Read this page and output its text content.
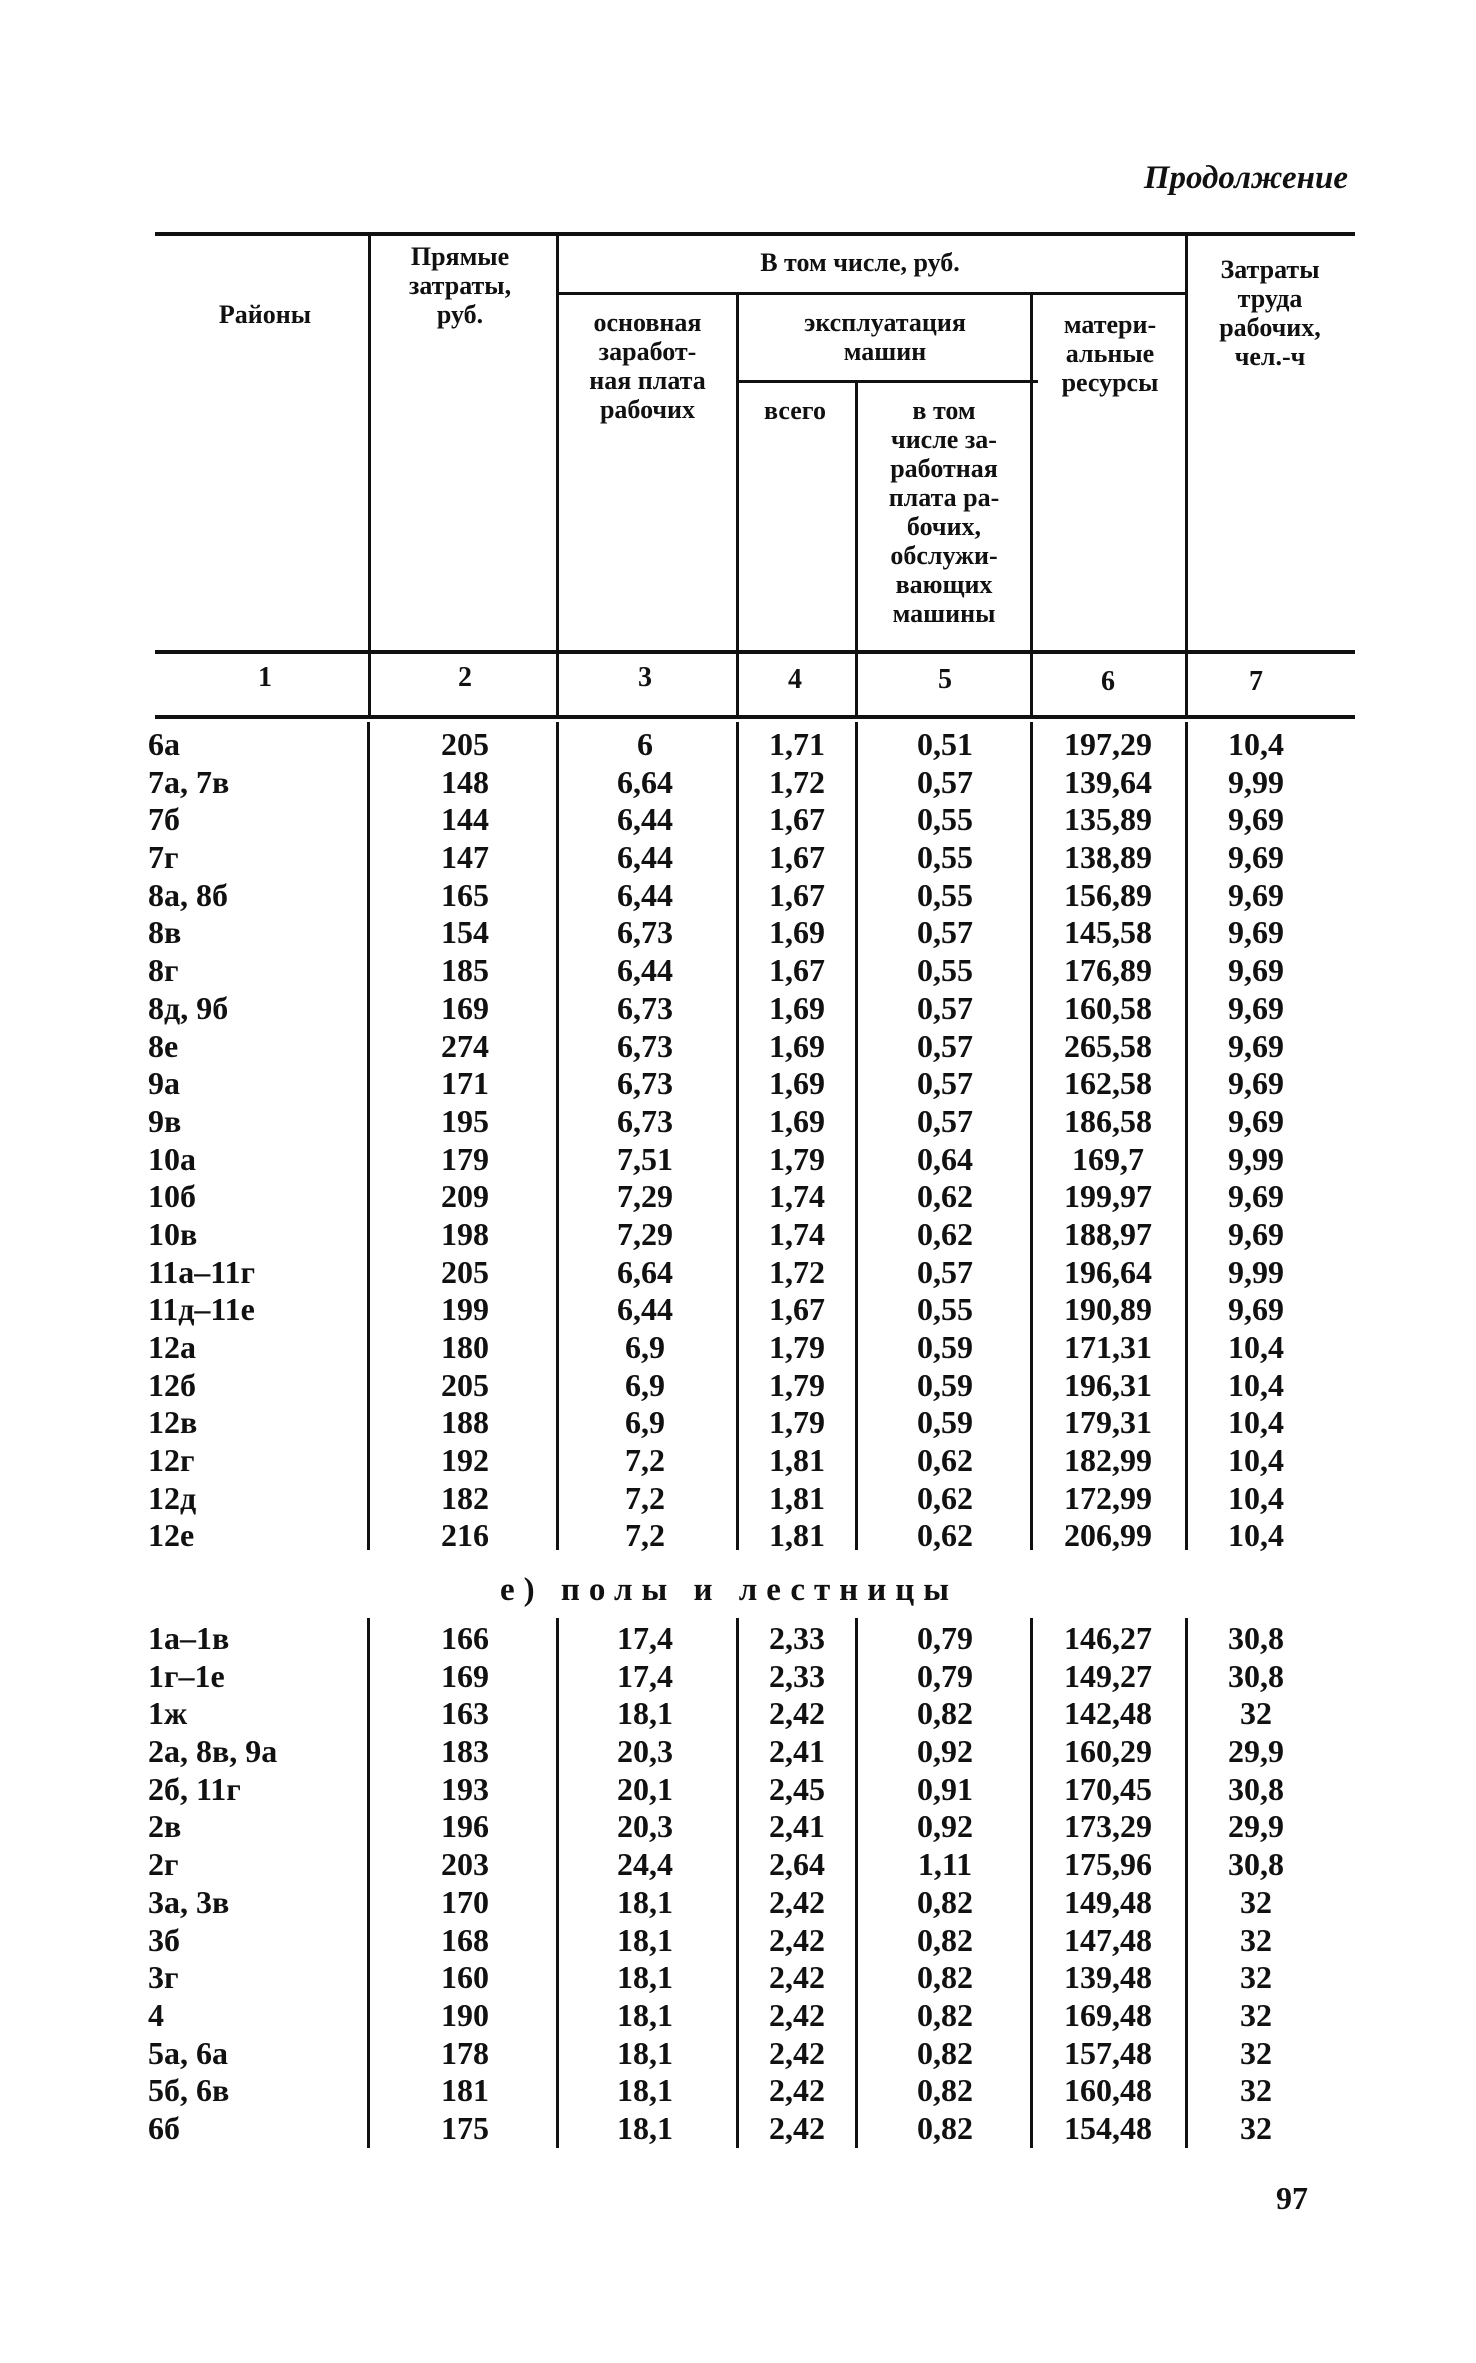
Продолжение
Районы
Прямые
затраты,
руб.
В том числе, руб.
основная
заработ-
ная плата
рабочих
эксплуатация
машин
всего	в том
числе за-
работная
плата ра-
бочих,
обслужи-
вающих
машины
матери-
альные
ресурсы
Затраты
труда
рабочих,
чел.-ч
1	2	3	4	5	6	7
6а	205	6	1,71	0,51	197,29 10,4
7а, 7в	148	6,64	1,72	0,57	139,64 9,99
7б	144	6,44	1,67	0,55	135,89 9,69
7г	147	6,44	1,67	0,55	138,89 9,69
8а, 8б	165	6,44	1,67	0,55	156,89 9,69
8в	154	6,73	1,69	0,57	145,58 9,69
8г	185	6,44	1,67	0,55	176,89 9,69
8д, 9б	169	6,73	1,69	0,57	160,58 9,69
8е	274	6,73	1,69	0,57	265,58 9,69
9а	171	6,73	1,69	0,57	162,58 9,69
9в	195	6,73	1,69	0,57	186,58 9,69
10а	179	7,51	1,79	0,64	169,7	9,99
10б	209	7,29	1,74	0,62	199,97 9,69
10в	198	7,29	1,74	0,62	188,97 9,69
11а–11г	205	6,64	1,72	0,57	196,64 9,99
11д–11е	199	6,44	1,67	0,55	190,89 9,69
12а	180	6,9	1,79	0,59	171,31 10,4
12б	205	6,9	1,79	0,59	196,31 10,4
12в	188	6,9	1,79	0,59	179,31 10,4
12г	192	7,2	1,81	0,62	182,99 10,4
12д	182	7,2	1,81	0,62	172,99 10,4
12е	216	7,2	1,81	0,62	206,99 10,4
е) полы и лестницы
1а–1в	166	17,4	2,33	0,79	146,27 30,8
1г–1е	169	17,4	2,33	0,79	149,27 30,8
1ж	163	18,1	2,42	0,82	142,48	32
2а, 8в, 9а	183	20,3	2,41	0,92	160,29 29,9
2б, 11г	193	20,1	2,45	0,91	170,45 30,8
2в	196	20,3	2,41	0,92	173,29 29,9
2г	203	24,4	2,64	1,11	175,96 30,8
3а, 3в	170	18,1	2,42	0,82	149,48	32
3б	168	18,1	2,42	0,82	147,48	32
3г	160	18,1	2,42	0,82	139,48	32
4	190	18,1	2,42	0,82	169,48	32
5а, 6а	178	18,1	2,42	0,82	157,48	32
5б, 6в	181	18,1	2,42	0,82	160,48	32
6б	175	18,1	2,42	0,82	154,48	32
97
